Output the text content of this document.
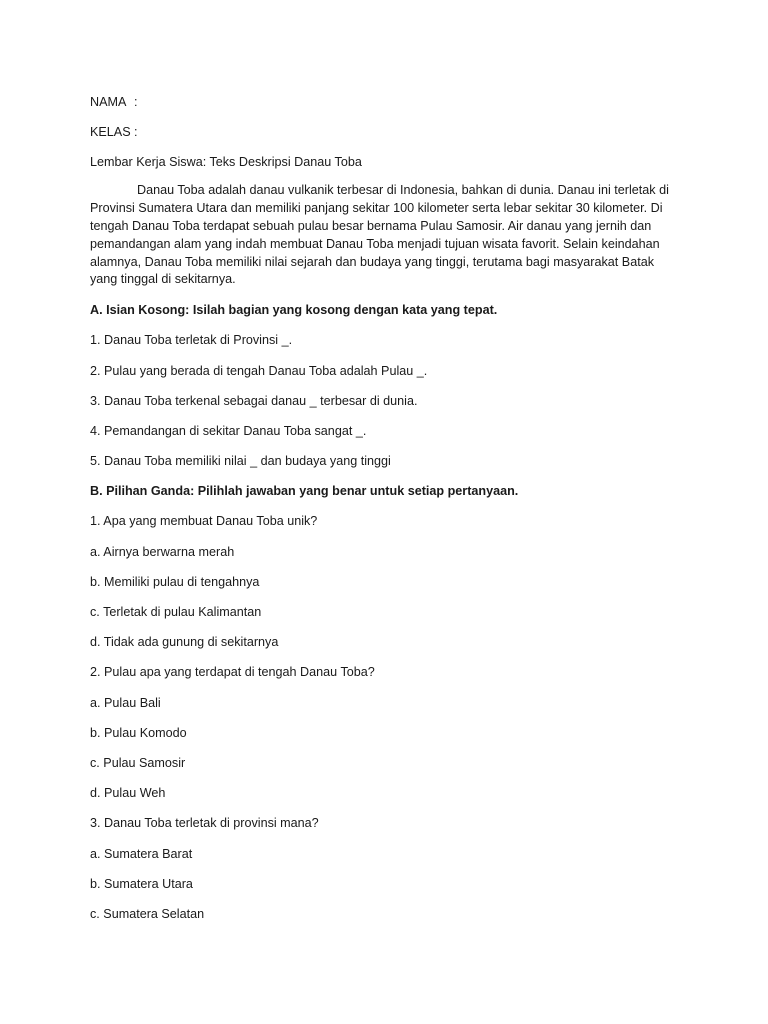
NAMA :
KELAS :
Lembar Kerja Siswa: Teks Deskripsi Danau Toba

Danau Toba adalah danau vulkanik terbesar di Indonesia, bahkan di dunia. Danau ini terletak di Provinsi Sumatera Utara dan memiliki panjang sekitar 100 kilometer serta lebar sekitar 30 kilometer. Di tengah Danau Toba terdapat sebuah pulau besar bernama Pulau Samosir. Air danau yang jernih dan pemandangan alam yang indah membuat Danau Toba menjadi tujuan wisata favorit. Selain keindahan alamnya, Danau Toba memiliki nilai sejarah dan budaya yang tinggi, terutama bagi masyarakat Batak yang tinggal di sekitarnya.

A. Isian Kosong: Isilah bagian yang kosong dengan kata yang tepat.
1. Danau Toba terletak di Provinsi _.
2. Pulau yang berada di tengah Danau Toba adalah Pulau _.
3. Danau Toba terkenal sebagai danau _ terbesar di dunia.
4. Pemandangan di sekitar Danau Toba sangat _.
5. Danau Toba memiliki nilai _ dan budaya yang tinggi
B. Pilihan Ganda: Pilihlah jawaban yang benar untuk setiap pertanyaan.
1. Apa yang membuat Danau Toba unik?
a. Airnya berwarna merah
b. Memiliki pulau di tengahnya
c. Terletak di pulau Kalimantan
d. Tidak ada gunung di sekitarnya
2. Pulau apa yang terdapat di tengah Danau Toba?
a. Pulau Bali
b. Pulau Komodo
c. Pulau Samosir
d. Pulau Weh
3. Danau Toba terletak di provinsi mana?
a. Sumatera Barat
b. Sumatera Utara
c. Sumatera Selatan
